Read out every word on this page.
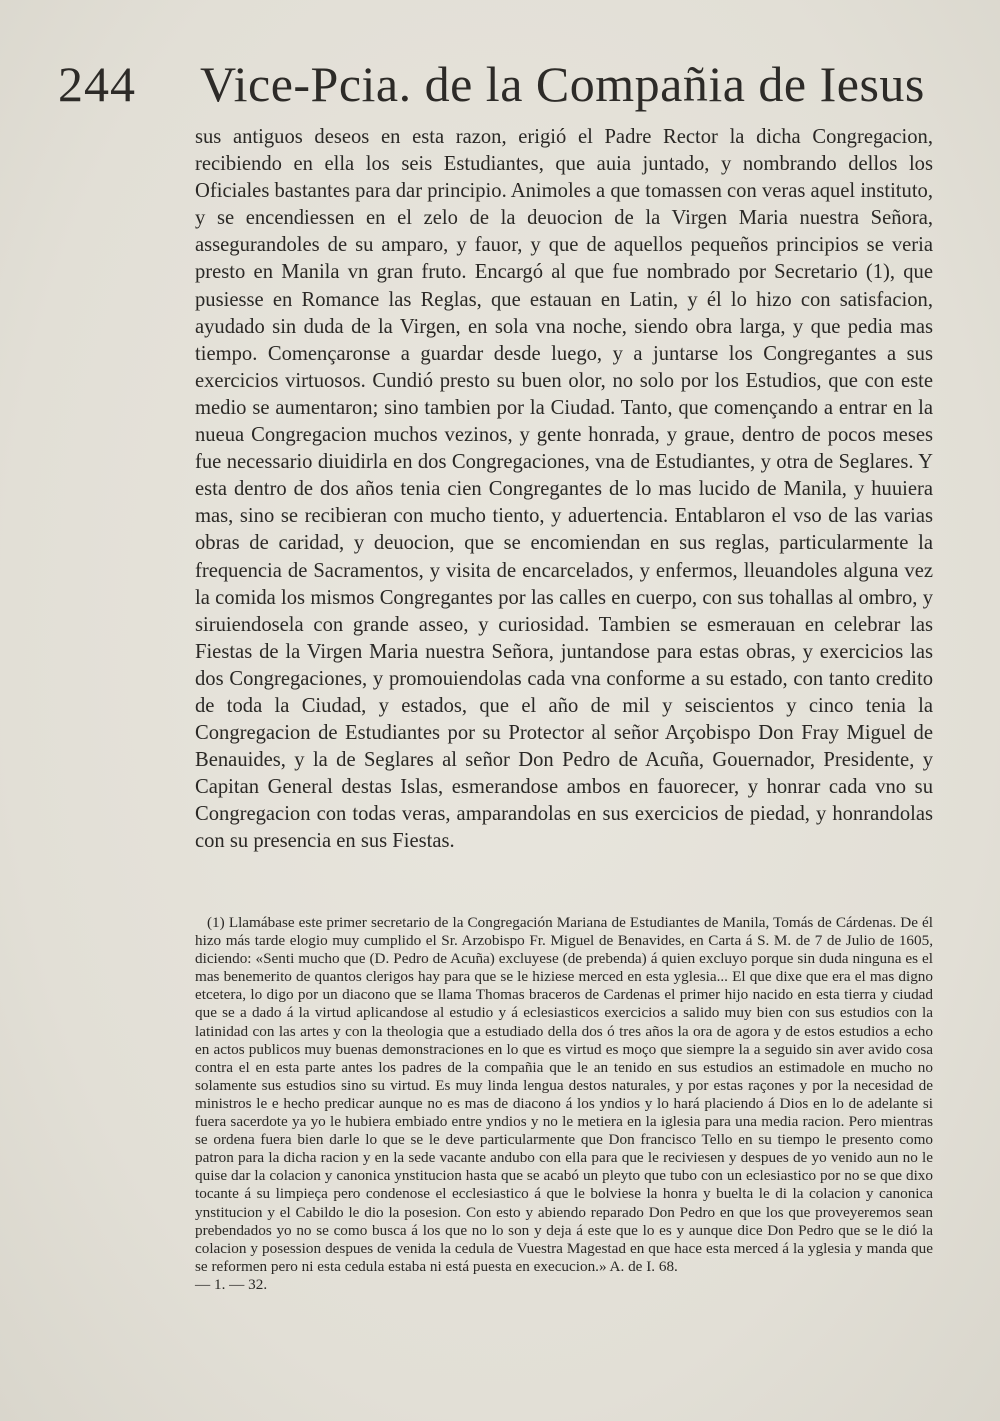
244 Vice-Pcia. de la Compañia de Iesus

sus antiguos deseos en esta razon, erigió el Padre Rector la dicha Congregacion, recibiendo en ella los seis Estudiantes, que auia juntado, y nombrando dellos los Oficiales bastantes para dar principio. Animoles a que tomassen con veras aquel instituto, y se encendiessen en el zelo de la deuocion de la Virgen Maria nuestra Señora, assegurandoles de su amparo, y fauor, y que de aquellos pequeños principios se veria presto en Manila vn gran fruto. Encargó al que fue nombrado por Secretario (1), que pusiesse en Romance las Reglas, que estauan en Latin, y él lo hizo con satisfacion, ayudado sin duda de la Virgen, en sola vna noche, siendo obra larga, y que pedia mas tiempo. Començaronse a guardar desde luego, y a juntarse los Congregantes a sus exercicios virtuosos. Cundió presto su buen olor, no solo por los Estudios, que con este medio se aumentaron; sino tambien por la Ciudad. Tanto, que començando a entrar en la nueua Congregacion muchos vezinos, y gente honrada, y graue, dentro de pocos meses fue necessario diuidirla en dos Congregaciones, vna de Estudiantes, y otra de Seglares. Y esta dentro de dos años tenia cien Congregantes de lo mas lucido de Manila, y huuiera mas, sino se recibieran con mucho tiento, y aduertencia. Entablaron el vso de las varias obras de caridad, y deuocion, que se encomiendan en sus reglas, particularmente la frequencia de Sacramentos, y visita de encarcelados, y enfermos, lleuandoles alguna vez la comida los mismos Congregantes por las calles en cuerpo, con sus tohallas al ombro, y siruiendosela con grande asseo, y curiosidad. Tambien se esmerauan en celebrar las Fiestas de la Virgen Maria nuestra Señora, juntandose para estas obras, y exercicios las dos Congregaciones, y promouiendolas cada vna conforme a su estado, con tanto credito de toda la Ciudad, y estados, que el año de mil y seiscientos y cinco tenia la Congregacion de Estudiantes por su Protector al señor Arçobispo Don Fray Miguel de Benauides, y la de Seglares al señor Don Pedro de Acuña, Gouernador, Presidente, y Capitan General destas Islas, esmerandose ambos en fauorecer, y honrar cada vno su Congregacion con todas veras, amparandolas en sus exercicios de piedad, y honrandolas con su presencia en sus Fiestas.

(1) Llamábase este primer secretario de la Congregación Mariana de Estudiantes de Manila, Tomás de Cárdenas. De él hizo más tarde elogio muy cumplido el Sr. Arzobispo Fr. Miguel de Benavides, en Carta á S. M. de 7 de Julio de 1605, diciendo: «Senti mucho que (D. Pedro de Acuña) excluyese (de prebenda) á quien excluyo porque sin duda ninguna es el mas benemerito de quantos clerigos hay para que se le hiziese merced en esta yglesia... El que dixe que era el mas digno etcetera, lo digo por un diacono que se llama Thomas braceros de Cardenas el primer hijo nacido en esta tierra y ciudad que se a dado á la virtud aplicandose al estudio y á eclesiasticos exercicios a salido muy bien con sus estudios con la latinidad con las artes y con la theologia que a estudiado della dos ó tres años la ora de agora y de estos estudios a echo en actos publicos muy buenas demonstraciones en lo que es virtud es moço que siempre la a seguido sin aver avido cosa contra el en esta parte antes los padres de la compañia que le an tenido en sus estudios an estimadole en mucho no solamente sus estudios sino su virtud. Es muy linda lengua destos naturales, y por estas raçones y por la necesidad de ministros le e hecho predicar aunque no es mas de diacono á los yndios y lo hará placiendo á Dios en lo de adelante si fuera sacerdote ya yo le hubiera embiado entre yndios y no le metiera en la iglesia para una media racion. Pero mientras se ordena fuera bien darle lo que se le deve particularmente que Don francisco Tello en su tiempo le presento como patron para la dicha racion y en la sede vacante andubo con ella para que le reciviesen y despues de yo venido aun no le quise dar la colacion y canonica ynstitucion hasta que se acabó un pleyto que tubo con un eclesiastico por no se que dixo tocante á su limpieça pero condenose el ecclesiastico á que le bolviese la honra y buelta le di la colacion y canonica ynstitucion y el Cabildo le dio la posesion. Con esto y abiendo reparado Don Pedro en que los que proveyeremos sean prebendados yo no se como busca á los que no lo son y deja á este que lo es y aunque dice Don Pedro que se le dió la colacion y posession despues de venida la cedula de Vuestra Magestad en que hace esta merced á la yglesia y manda que se reformen pero ni esta cedula estaba ni está puesta en execucion.» A. de I. 68.

— 1. — 32.
